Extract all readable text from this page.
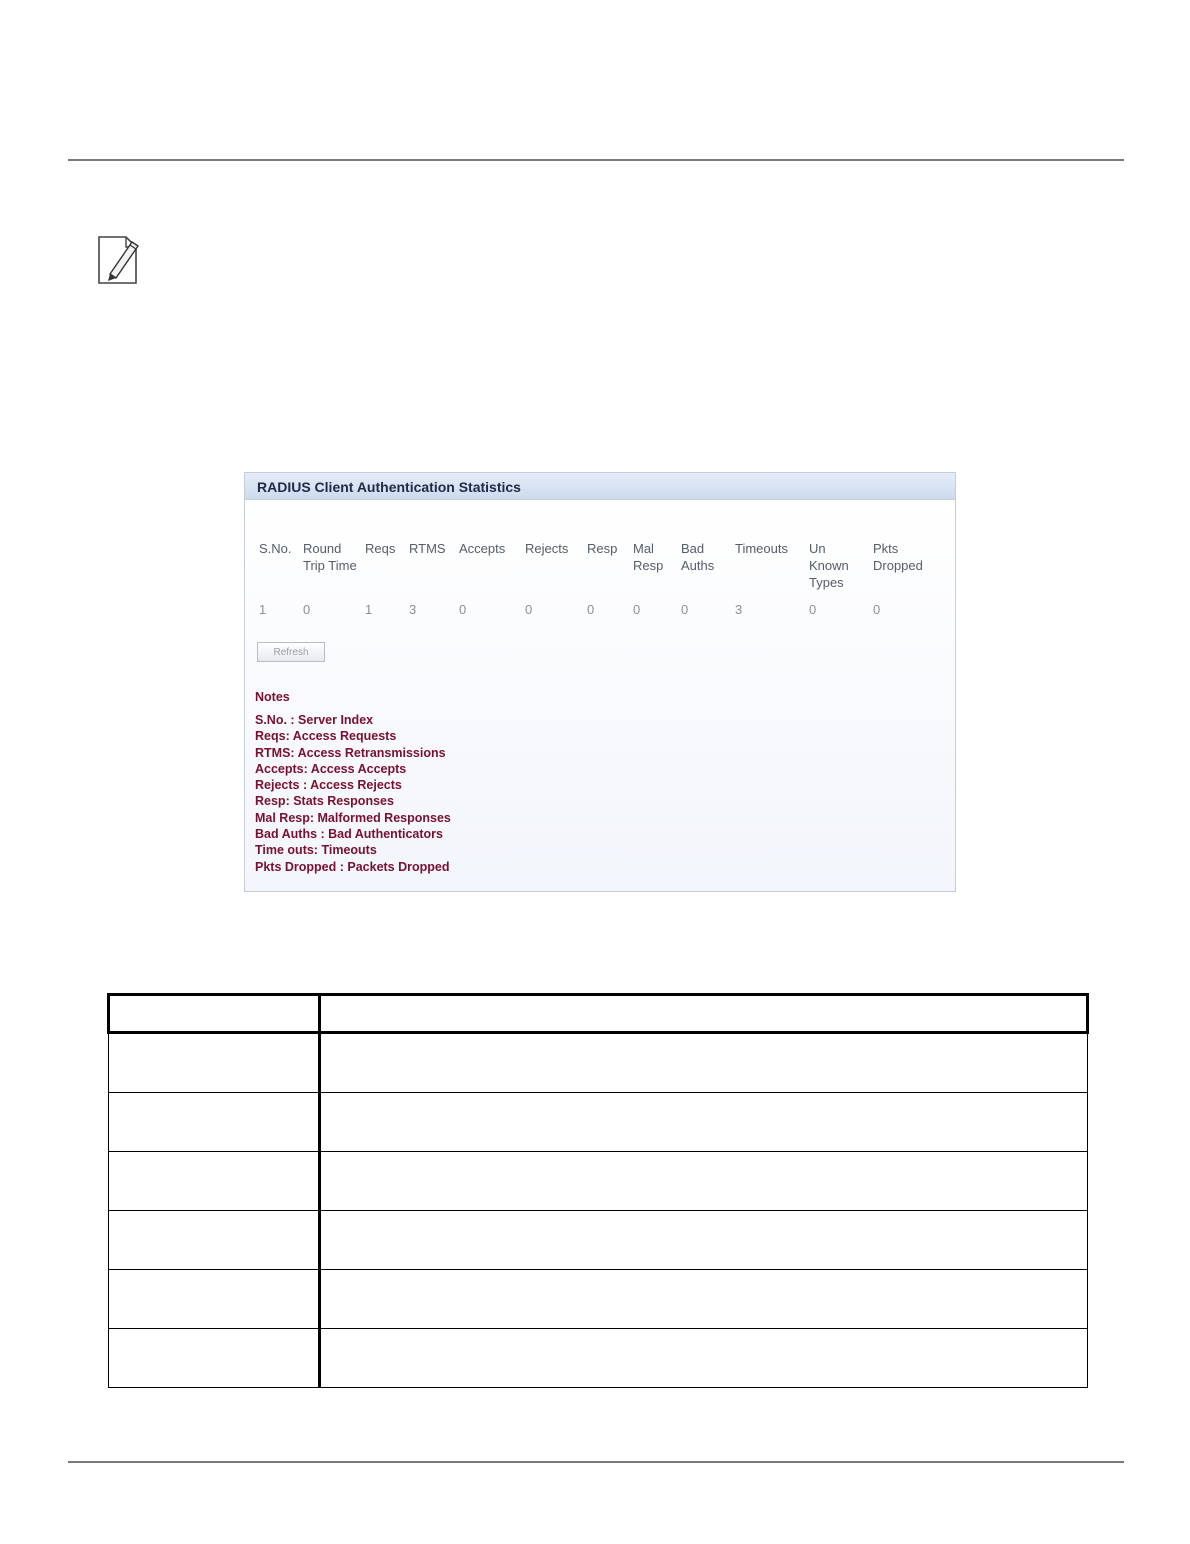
RADIUS Client Authentication Statistics
S.No.	Round Trip Time	Reqs	RTMS	Accepts	Rejects	Resp	Mal Resp	Bad Auths	Timeouts	Un Known Types	Pkts Dropped
1	0	1	3	0	0	0	0	0	3	0	0
Refresh
Notes
S.No. : Server Index
Reqs: Access Requests
RTMS: Access Retransmissions
Accepts: Access Accepts
Rejects : Access Rejects
Resp: Stats Responses
Mal Resp: Malformed Responses
Bad Auths : Bad Authenticators
Time outs: Timeouts
Pkts Dropped : Packets Dropped
